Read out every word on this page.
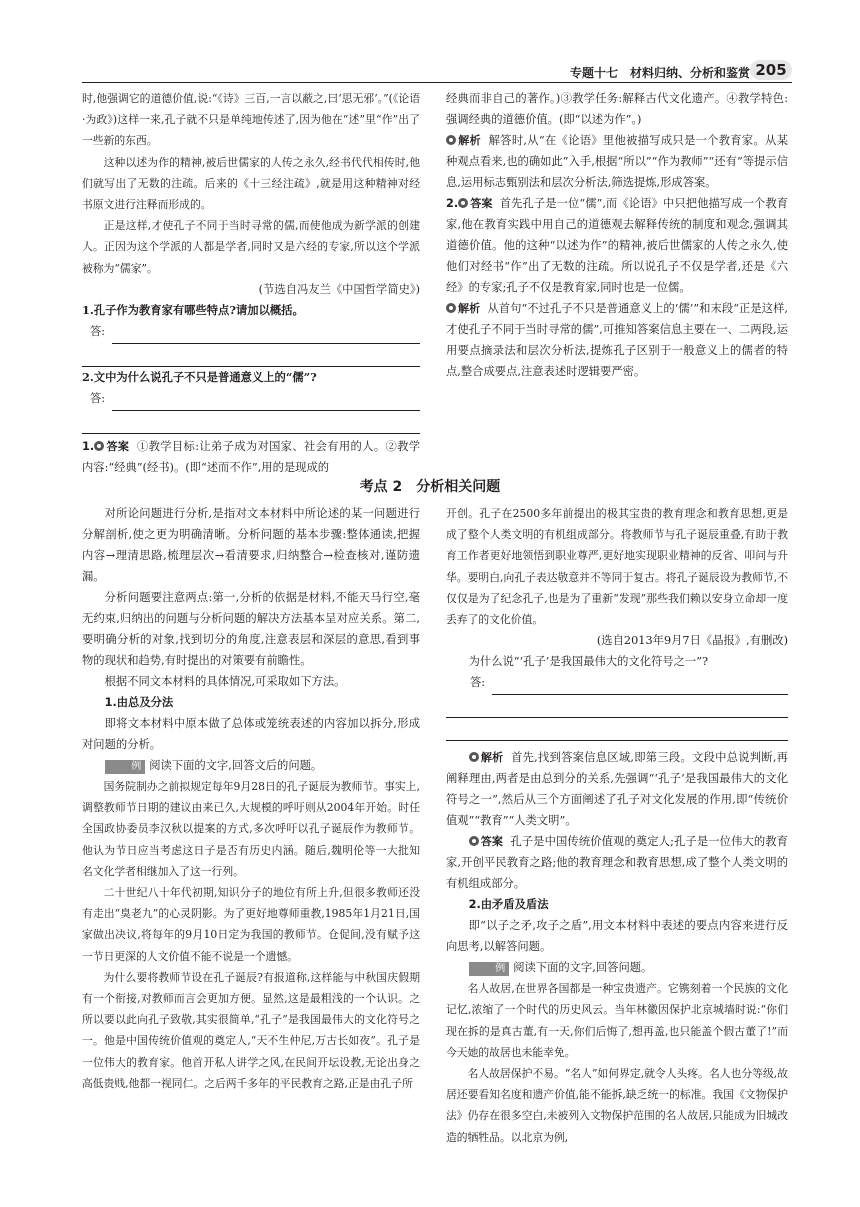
专题十七　材料归纳、分析和鉴赏 205

时,他强调它的道德价值,说:“《诗》三百,一言以蔽之,曰‘思无邪’。”(《论语·为政》)这样一来,孔子就不只是单纯地传述了,因为他在“述”里“作”出了一些新的东西。

这种以述为作的精神,被后世儒家的人传之永久,经书代代相传时,他们就写出了无数的注疏。后来的《十三经注疏》,就是用这种精神对经书原文进行注释而形成的。

正是这样,才使孔子不同于当时寻常的儒,而使他成为新学派的创建人。正因为这个学派的人都是学者,同时又是六经的专家,所以这个学派被称为“儒家”。

(节选自冯友兰《中国哲学简史》)

1.孔子作为教育家有哪些特点?请加以概括。

答:

2.文中为什么说孔子不只是普通意义上的“儒”?

答:

1. 答案 ①教学目标:让弟子成为对国家、社会有用的人。②教学内容:“经典”(经书)。(即“述而不作”,用的是现成的

经典而非自己的著作。)③教学任务:解释古代文化遗产。④教学特色:强调经典的道德价值。(即“以述为作”。)

解析 解答时,从“在《论语》里他被描写成只是一个教育家。从某种观点看来,也的确如此”入手,根据“所以”“作为教师”“还有”等提示信息,运用标志甄别法和层次分析法,筛选提炼,形成答案。

2. 答案 首先孔子是一位“儒”,而《论语》中只把他描写成一个教育家,他在教育实践中用自己的道德观去解释传统的制度和观念,强调其道德价值。他的这种“以述为作”的精神,被后世儒家的人传之永久,使他们对经书“作”出了无数的注疏。所以说孔子不仅是学者,还是《六经》的专家;孔子不仅是教育家,同时也是一位儒。

解析 从首句“不过孔子不只是普通意义上的‘儒’”和末段“正是这样,才使孔子不同于当时寻常的儒”,可推知答案信息主要在一、二两段,运用要点摘录法和层次分析法,提炼孔子区别于一般意义上的儒者的特点,整合成要点,注意表述时逻辑要严密。

考点 2　分析相关问题

对所论问题进行分析,是指对文本材料中所论述的某一问题进行分解剖析,使之更为明确清晰。分析问题的基本步骤:整体通读,把握内容→理清思路,梳理层次→看清要求,归纳整合→检查核对,谨防遗漏。

分析问题要注意两点:第一,分析的依据是材料,不能天马行空,毫无约束,归纳出的问题与分析问题的解决方法基本呈对应关系。第二,要明确分析的对象,找到切分的角度,注意表层和深层的意思,看到事物的现状和趋势,有时提出的对策要有前瞻性。

根据不同文本材料的具体情况,可采取如下方法。

1.由总及分法

即将文本材料中原本做了总体或笼统表述的内容加以拆分,形成对问题的分析。

例 阅读下面的文字,回答文后的问题。

国务院制办之前拟规定每年9月28日的孔子诞辰为教师节。事实上,调整教师节日期的建议由来已久,大规模的呼吁则从2004年开始。时任全国政协委员李汉秋以提案的方式,多次呼吁以孔子诞辰作为教师节。他认为节日应当考虑这日子是否有历史内涵。随后,魏明伦等一大批知名文化学者相继加入了这一行列。

二十世纪八十年代初期,知识分子的地位有所上升,但很多教师还没有走出“臭老九”的心灵阴影。为了更好地尊师重教,1985年1月21日,国家做出决议,将每年的9月10日定为我国的教师节。仓促间,没有赋予这一节日更深的人文价值不能不说是一个遗憾。

为什么要将教师节设在孔子诞辰?有报道称,这样能与中秋国庆假期有一个衔接,对教师而言会更加方便。显然,这是最粗浅的一个认识。之所以要以此向孔子致敬,其实很简单,“孔子”是我国最伟大的文化符号之一。他是中国传统价值观的奠定人,“天不生仲尼,万古长如夜”。孔子是一位伟大的教育家。他首开私人讲学之风,在民间开坛设教,无论出身之高低贵贱,他都一视同仁。之后两千多年的平民教育之路,正是由孔子所

开创。孔子在2500多年前提出的极其宝贵的教育理念和教育思想,更是成了整个人类文明的有机组成部分。将教师节与孔子诞辰重叠,有助于教育工作者更好地领悟到职业尊严,更好地实现职业精神的反省、叩问与升华。要明白,向孔子表达敬意并不等同于复古。将孔子诞辰设为教师节,不仅仅是为了纪念孔子,也是为了重新“发现”那些我们赖以安身立命却一度丢弃了的文化价值。

(选自2013年9月7日《晶报》,有删改)

为什么说“‘孔子’是我国最伟大的文化符号之一”?

答:

解析 首先,找到答案信息区域,即第三段。文段中总说判断,再阐释理由,两者是由总到分的关系,先强调“‘孔子’是我国最伟大的文化符号之一”,然后从三个方面阐述了孔子对文化发展的作用,即“传统价值观”“教育”“人类文明”。

答案 孔子是中国传统价值观的奠定人;孔子是一位伟大的教育家,开创平民教育之路;他的教育理念和教育思想,成了整个人类文明的有机组成部分。

2.由矛盾及盾法

即“以子之矛,攻子之盾”,用文本材料中表述的要点内容来进行反向思考,以解答问题。

例 阅读下面的文字,回答问题。

名人故居,在世界各国都是一种宝贵遗产。它镌刻着一个民族的文化记忆,浓缩了一个时代的历史风云。当年林徽因保护北京城墙时说:“你们现在拆的是真古董,有一天,你们后悔了,想再盖,也只能盖个假古董了!”而今天她的故居也未能幸免。

名人故居保护不易。“名人”如何界定,就令人头疼。名人也分等级,故居还要看知名度和遗产价值,能不能拆,缺乏统一的标准。我国《文物保护法》仍存在很多空白,未被列入文物保护范围的名人故居,只能成为旧城改造的牺牲品。以北京为例,
